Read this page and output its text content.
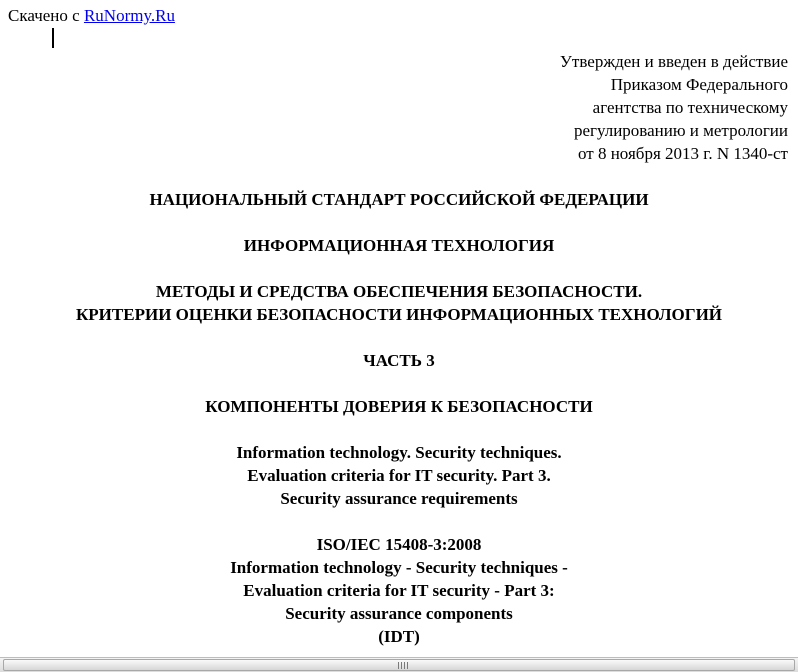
Скачено с RuNormy.Ru
Утвержден и введен в действие
Приказом Федерального
агентства по техническому
регулированию и метрологии
от 8 ноября 2013 г. N 1340-ст
НАЦИОНАЛЬНЫЙ СТАНДАРТ РОССИЙСКОЙ ФЕДЕРАЦИИ
ИНФОРМАЦИОННАЯ ТЕХНОЛОГИЯ
МЕТОДЫ И СРЕДСТВА ОБЕСПЕЧЕНИЯ БЕЗОПАСНОСТИ.
КРИТЕРИИ ОЦЕНКИ БЕЗОПАСНОСТИ ИНФОРМАЦИОННЫХ ТЕХНОЛОГИЙ
ЧАСТЬ 3
КОМПОНЕНТЫ ДОВЕРИЯ К БЕЗОПАСНОСТИ
Information technology. Security techniques.
Evaluation criteria for IT security. Part 3.
Security assurance requirements
ISO/IEC 15408-3:2008
Information technology - Security techniques -
Evaluation criteria for IT security - Part 3:
Security assurance components
(IDT)
